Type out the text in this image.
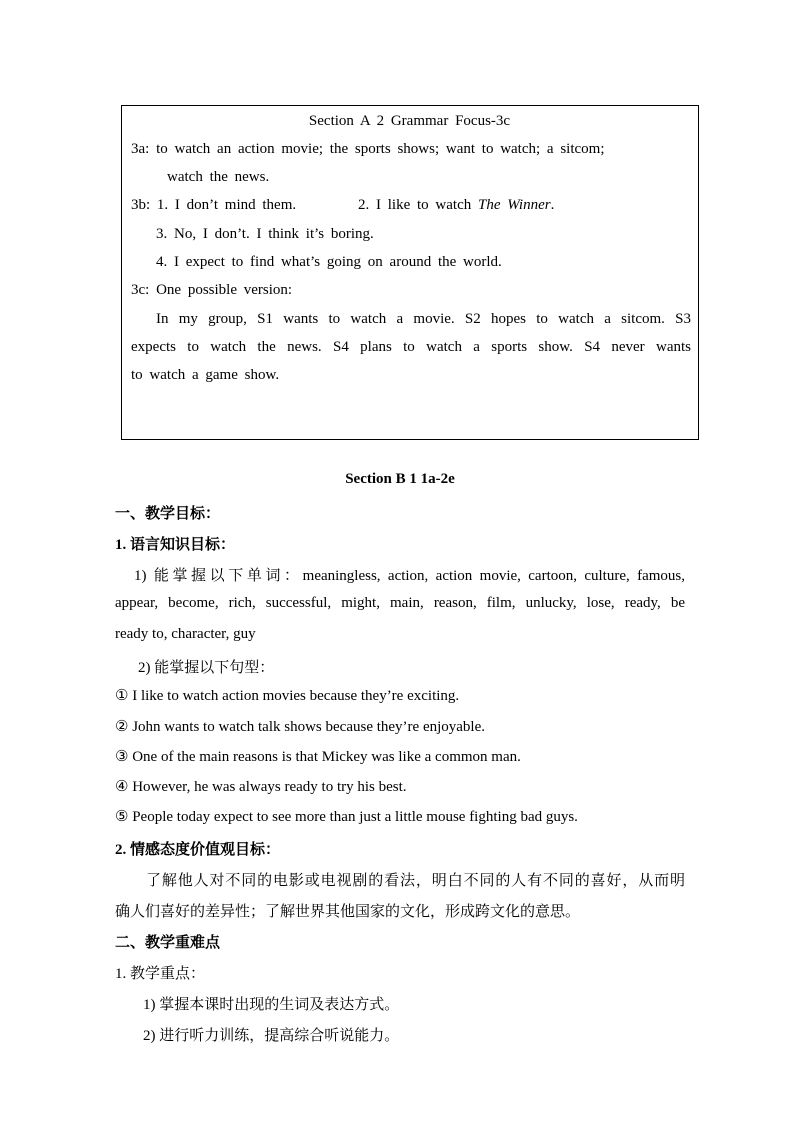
Section A 2 Grammar Focus-3c
3a: to watch an action movie; the sports shows; want to watch; a sitcom;
watch the news.
3b: 1. I don’t mind them.	2. I like to watch The Winner.
3. No, I don’t. I think it’s boring.
4. I expect to find what’s going on around the world.
3c: One possible version:
In my group, S1 wants to watch a movie. S2 hopes to watch a sitcom. S3
expects to watch the news. S4 plans to watch a sports show. S4 never wants
to watch a game show.
Section B 1 1a-2e
一、教学目标：
1. 语言知识目标：
1) 能掌握以下单词：meaningless, action, action movie, cartoon, culture, famous,
appear, become, rich, successful, might, main, reason, film, unlucky, lose, ready, be
ready to, character, guy
2) 能掌握以下句型：
① I like to watch action movies because they’re exciting.
② John wants to watch talk shows because they’re enjoyable.
③ One of the main reasons is that Mickey was like a common man.
④ However, he was always ready to try his best.
⑤ People today expect to see more than just a little mouse fighting bad guys.
2. 情感态度价值观目标：
了解他人对不同的电影或电视剧的看法，明白不同的人有不同的喜好，从而明
确人们喜好的差异性；了解世界其他国家的文化，形成跨文化的意思。
二、教学重难点
1. 教学重点：
1) 掌握本课时出现的生词及表达方式。
2) 进行听力训练，提高综合听说能力。
